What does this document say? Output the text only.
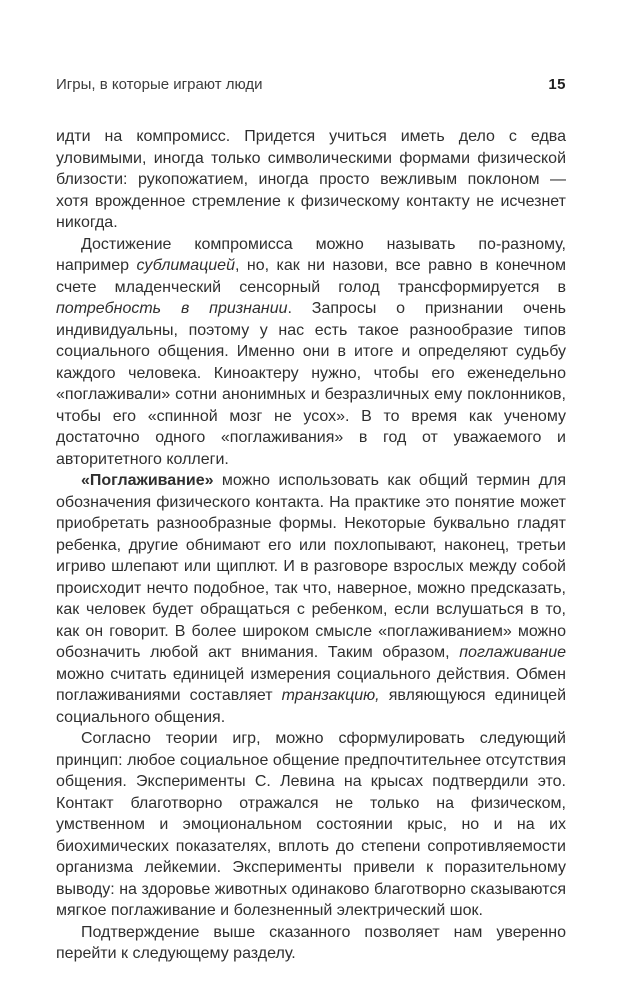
Игры, в которые играют люди	15

идти на компромисс. Придется учиться иметь дело с едва уловимыми, иногда только символическими формами физической близости: рукопожатием, иногда просто вежливым поклоном — хотя врожденное стремление к физическому контакту не исчезнет никогда.

Достижение компромисса можно называть по-разному, например сублимацией, но, как ни назови, все равно в конечном счете младенческий сенсорный голод трансформируется в потребность в признании. Запросы о признании очень индивидуальны, поэтому у нас есть такое разнообразие типов социального общения. Именно они в итоге и определяют судьбу каждого человека. Киноактеру нужно, чтобы его еженедельно «поглаживали» сотни анонимных и безразличных ему поклонников, чтобы его «спинной мозг не усох». В то время как ученому достаточно одного «поглаживания» в год от уважаемого и авторитетного коллеги.

«Поглаживание» можно использовать как общий термин для обозначения физического контакта. На практике это понятие может приобретать разнообразные формы. Некоторые буквально гладят ребенка, другие обнимают его или похлопывают, наконец, третьи игриво шлепают или щиплют. И в разговоре взрослых между собой происходит нечто подобное, так что, наверное, можно предсказать, как человек будет обращаться с ребенком, если вслушаться в то, как он говорит. В более широком смысле «поглаживанием» можно обозначить любой акт внимания. Таким образом, поглаживание можно считать единицей измерения социального действия. Обмен поглаживаниями составляет транзакцию, являющуюся единицей социального общения.

Согласно теории игр, можно сформулировать следующий принцип: любое социальное общение предпочтительнее отсутствия общения. Эксперименты С. Левина на крысах подтвердили это. Контакт благотворно отражался не только на физическом, умственном и эмоциональном состоянии крыс, но и на их биохимических показателях, вплоть до степени сопротивляемости организма лейкемии. Эксперименты привели к поразительному выводу: на здоровье животных одинаково благотворно сказываются мягкое поглаживание и болезненный электрический шок.

Подтверждение выше сказанного позволяет нам уверенно перейти к следующему разделу.
